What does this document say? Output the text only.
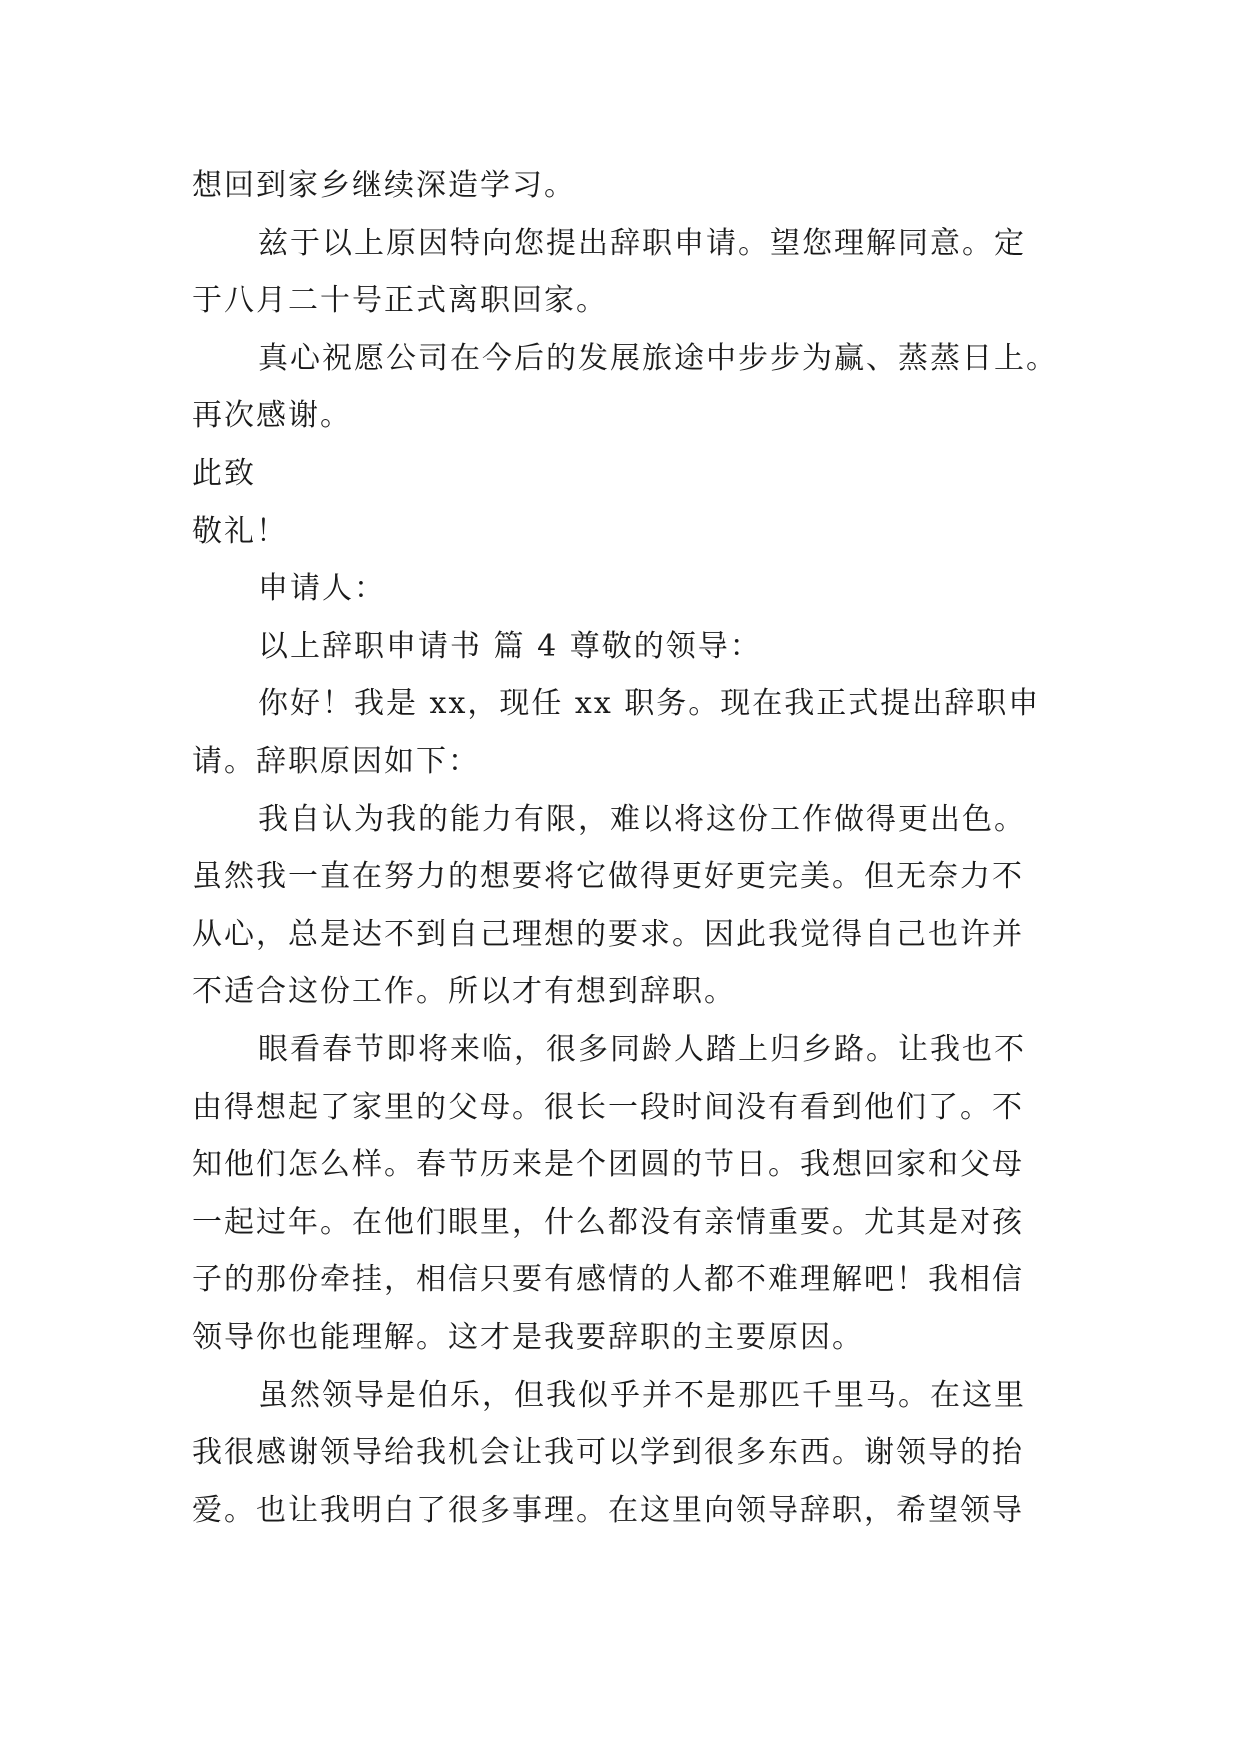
想回到家乡继续深造学习。
兹于以上原因特向您提出辞职申请。望您理解同意。定
于八月二十号正式离职回家。
真心祝愿公司在今后的发展旅途中步步为赢、蒸蒸日上。
再次感谢。
此致
敬礼！
申请人：
以上辞职申请书 篇 4 尊敬的领导：
你好！我是 xx，现任 xx 职务。现在我正式提出辞职申
请。辞职原因如下：
我自认为我的能力有限，难以将这份工作做得更出色。
虽然我一直在努力的想要将它做得更好更完美。但无奈力不
从心，总是达不到自己理想的要求。因此我觉得自己也许并
不适合这份工作。所以才有想到辞职。
眼看春节即将来临，很多同龄人踏上归乡路。让我也不
由得想起了家里的父母。很长一段时间没有看到他们了。不
知他们怎么样。春节历来是个团圆的节日。我想回家和父母
一起过年。在他们眼里，什么都没有亲情重要。尤其是对孩
子的那份牵挂，相信只要有感情的人都不难理解吧！我相信
领导你也能理解。这才是我要辞职的主要原因。
虽然领导是伯乐，但我似乎并不是那匹千里马。在这里
我很感谢领导给我机会让我可以学到很多东西。谢领导的抬
爱。也让我明白了很多事理。在这里向领导辞职，希望领导
